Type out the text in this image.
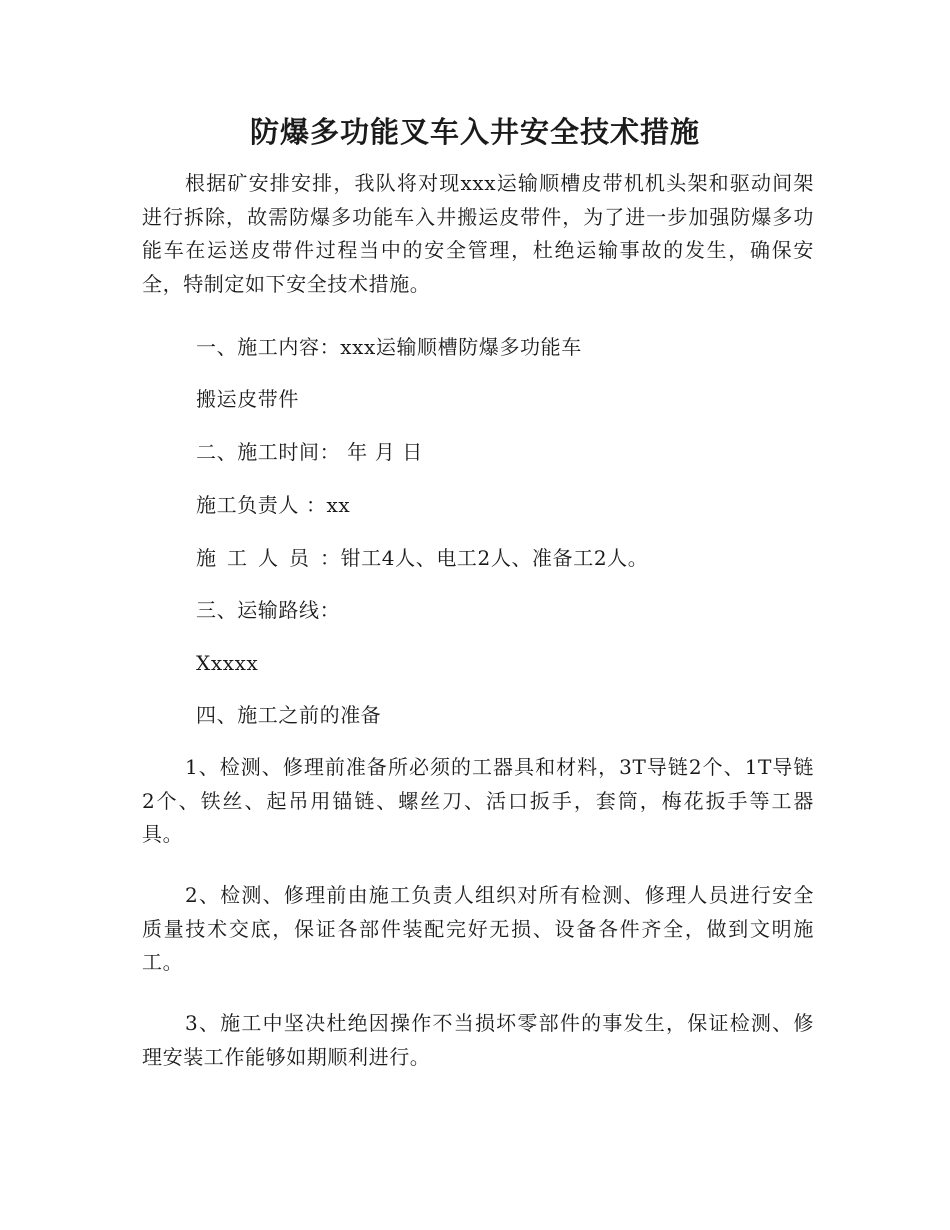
防爆多功能叉车入井安全技术措施
根据矿安排安排，我队将对现xxx运输顺槽皮带机机头架和驱动间架进行拆除，故需防爆多功能车入井搬运皮带件，为了进一步加强防爆多功能车在运送皮带件过程当中的安全管理，杜绝运输事故的发生，确保安全，特制定如下安全技术措施。
一、施工内容：xxx运输顺槽防爆多功能车
搬运皮带件
二、施工时间： 年 月 日
施工负责人 ：xx
施工人员：钳工4人、电工2人、准备工2人。
三、运输路线：
Xxxxx
四、施工之前的准备
1、检测、修理前准备所必须的工器具和材料，3T导链2个、1T导链2个、铁丝、起吊用锚链、螺丝刀、活口扳手，套筒，梅花扳手等工器具。
2、检测、修理前由施工负责人组织对所有检测、修理人员进行安全质量技术交底，保证各部件装配完好无损、设备各件齐全，做到文明施工。
3、施工中坚决杜绝因操作不当损坏零部件的事发生，保证检测、修理安装工作能够如期顺利进行。
